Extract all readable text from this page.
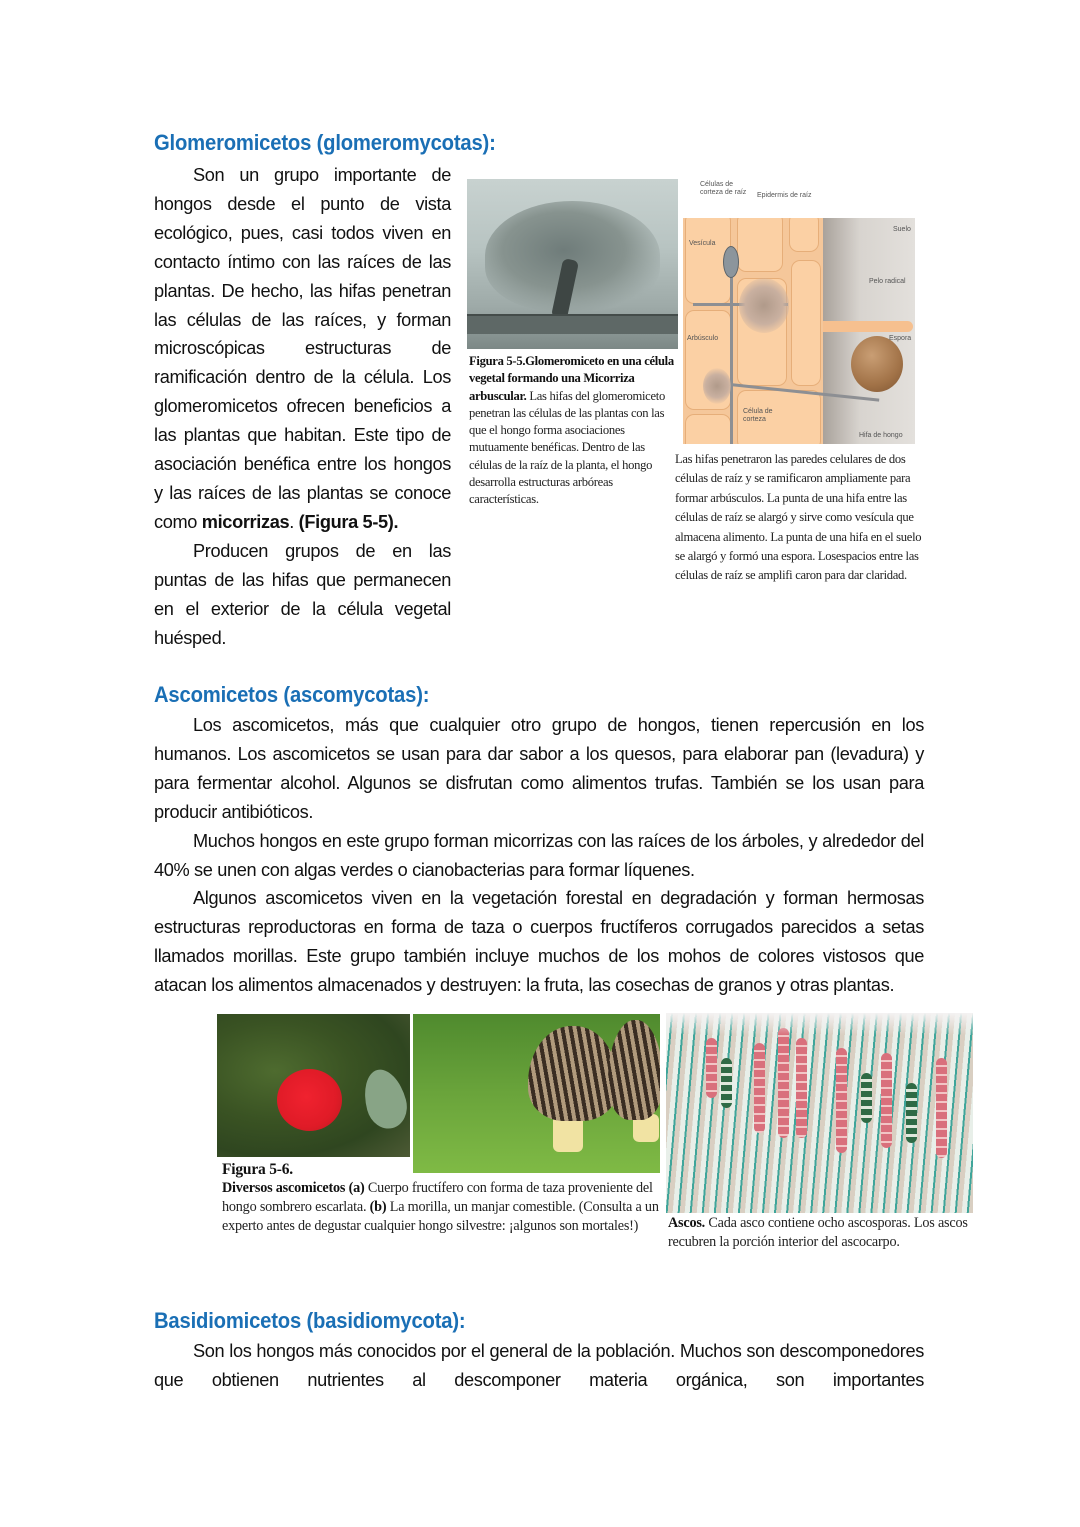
Glomeromicetos (glomeromycotas):
Son un grupo importante de
hongos desde el punto de vista
ecológico, pues, casi todos viven en
contacto íntimo con las raíces de las
plantas. De hecho, las hifas penetran
las células de las raíces, y forman
microscópicas estructuras de
ramificación dentro de la célula. Los
glomeromicetos ofrecen beneficios a
las plantas que habitan. Este tipo de
asociación benéfica entre los hongos
y las raíces de las plantas se conoce
como micorrizas. (Figura 5-5).
Producen grupos de en las
puntas de las hifas que permanecen
en el exterior de la célula vegetal
huésped.
Figura 5-5.Glomeromiceto en una célula vegetal formando una Micorriza arbuscular. Las hifas del glomeromiceto penetran las células de las plantas con las que el hongo forma asociaciones mutuamente benéficas. Dentro de las células de la raíz de la planta, el hongo desarrolla estructuras arbóreas características.
Células de corteza de raíz	Epidermis de raíz
Suelo
Vesícula
Pelo radical
Arbúsculo	Espora
Célula de corteza
Hifa de hongo
Las hifas penetraron las paredes celulares de dos células de raíz y se ramificaron ampliamente para formar arbúsculos. La punta de una hifa entre las células de raíz se alargó y sirve como vesícula que almacena alimento. La punta de una hifa en el suelo se alargó y formó una espora. Losespacios entre las células de raíz se amplifi caron para dar claridad.
Ascomicetos (ascomycotas):

Los ascomicetos, más que cualquier otro grupo de hongos, tienen repercusión en los humanos. Los ascomicetos se usan para dar sabor a los quesos, para elaborar pan (levadura) y para fermentar alcohol. Algunos se disfrutan como alimentos trufas. También se los usan para producir antibióticos.

Muchos hongos en este grupo forman micorrizas con las raíces de los árboles, y alrededor del 40% se unen con algas verdes o cianobacterias para formar líquenes.

Algunos ascomicetos viven en la vegetación forestal en degradación y forman hermosas estructuras reproductoras en forma de taza o cuerpos fructíferos corrugados parecidos a setas llamados morillas. Este grupo también incluye muchos de los mohos de colores vistosos que atacan los alimentos almacenados y destruyen: la fruta, las cosechas de granos y otras plantas.

Figura 5-6.
Diversos ascomicetos (a) Cuerpo fructífero con forma de taza proveniente del hongo sombrero escarlata. (b) La morilla, un manjar comestible. (Consulta a un experto antes de degustar cualquier hongo silvestre: ¡algunos son mortales!)	Ascos. Cada asco contiene ocho ascosporas. Los ascos recubren la porción interior del ascocarpo.
Basidiomicetos (basidiomycota):

Son los hongos más conocidos por el general de la población. Muchos son descomponedores que obtienen nutrientes al descomponer materia orgánica, son importantes
